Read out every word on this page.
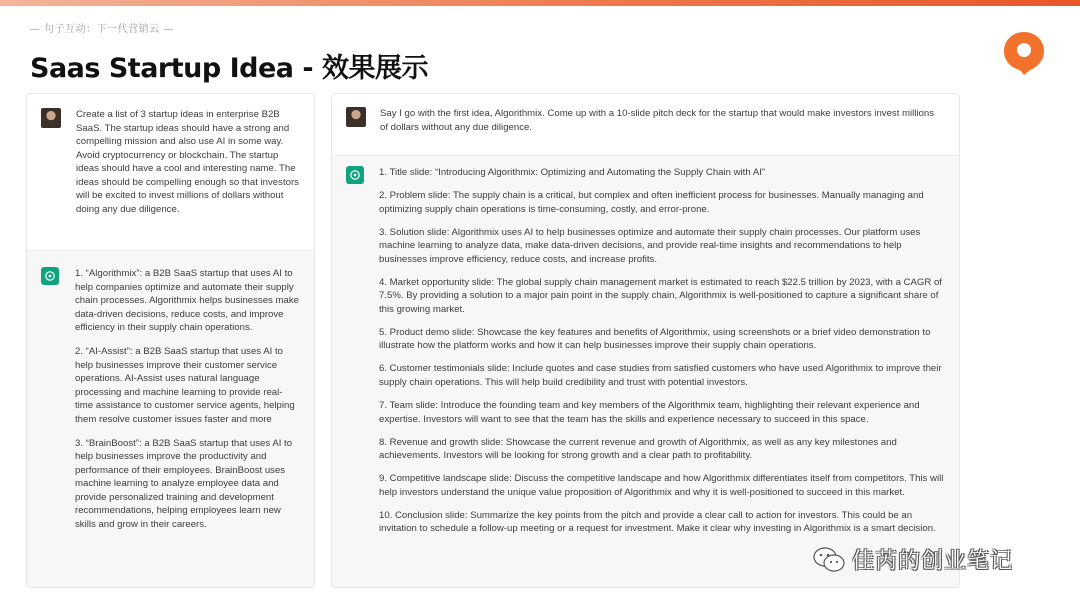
— 句子互动：下一代营销云 —
Saas Startup Idea - 效果展示
Create a list of 3 startup ideas in enterprise B2B SaaS. The startup ideas should have a strong and compelling mission and also use AI in some way. Avoid cryptocurrency or blockchain. The startup ideas should have a cool and interesting name. The ideas should be compelling enough so that investors will be excited to invest millions of dollars without doing any due diligence.

1. “Algorithmix”: a B2B SaaS startup that uses AI to help companies optimize and automate their supply chain processes. Algorithmix helps businesses make data-driven decisions, reduce costs, and improve efficiency in their supply chain operations.

2. “AI-Assist”: a B2B SaaS startup that uses AI to help businesses improve their customer service operations. AI-Assist uses natural language processing and machine learning to provide real-time assistance to customer service agents, helping them resolve customer issues faster and more

3. “BrainBoost”: a B2B SaaS startup that uses AI to help businesses improve the productivity and performance of their employees. BrainBoost uses machine learning to analyze employee data and provide personalized training and development recommendations, helping employees learn new skills and grow in their careers.

Say I go with the first idea, Algorithmix. Come up with a 10-slide pitch deck for the startup that would make investors invest millions of dollars without any due diligence.

1. Title slide: “Introducing Algorithmix: Optimizing and Automating the Supply Chain with AI”

2. Problem slide: The supply chain is a critical, but complex and often inefficient process for businesses. Manually managing and optimizing supply chain operations is time-consuming, costly, and error-prone.

3. Solution slide: Algorithmix uses AI to help businesses optimize and automate their supply chain processes. Our platform uses machine learning to analyze data, make data-driven decisions, and provide real-time insights and recommendations to help businesses improve efficiency, reduce costs, and increase profits.

4. Market opportunity slide: The global supply chain management market is estimated to reach $22.5 trillion by 2023, with a CAGR of 7.5%. By providing a solution to a major pain point in the supply chain, Algorithmix is well-positioned to capture a significant share of this growing market.

5. Product demo slide: Showcase the key features and benefits of Algorithmix, using screenshots or a brief video demonstration to illustrate how the platform works and how it can help businesses improve their supply chain operations.

6. Customer testimonials slide: Include quotes and case studies from satisfied customers who have used Algorithmix to improve their supply chain operations. This will help build credibility and trust with potential investors.

7. Team slide: Introduce the founding team and key members of the Algorithmix team, highlighting their relevant experience and expertise. Investors will want to see that the team has the skills and experience necessary to succeed in this space.

8. Revenue and growth slide: Showcase the current revenue and growth of Algorithmix, as well as any key milestones and achievements. Investors will be looking for strong growth and a clear path to profitability.

9. Competitive landscape slide: Discuss the competitive landscape and how Algorithmix differentiates itself from competitors. This will help investors understand the unique value proposition of Algorithmix and why it is well-positioned to succeed in this market.

10. Conclusion slide: Summarize the key points from the pitch and provide a clear call to action for investors. This could be an invitation to schedule a follow-up meeting or a request for investment. Make it clear why investing in Algorithmix is a smart decision.

佳芮的创业笔记
